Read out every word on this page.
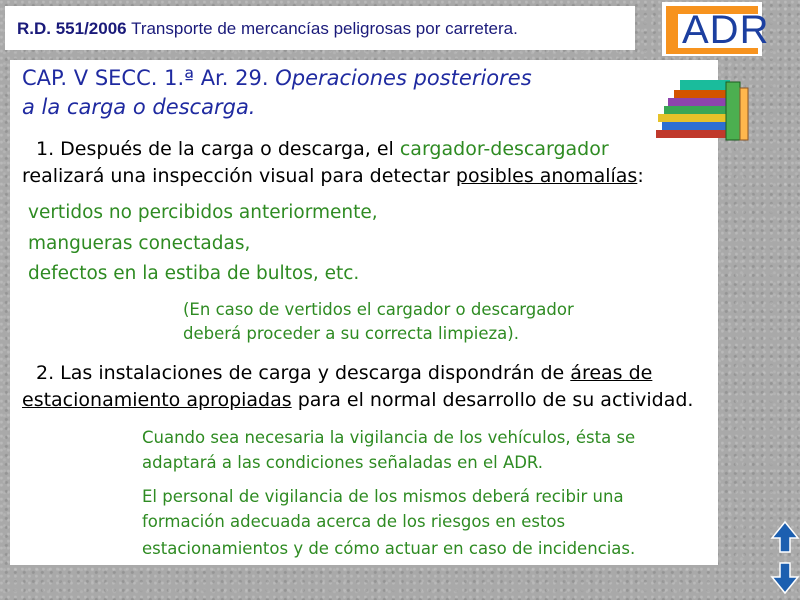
R.D. 551/2006 Transporte de mercancías peligrosas por carretera.	ADR
CAP. V SECC. 1.ª Ar. 29. Operaciones posteriores
a la carga o descarga.
1. Después de la carga o descarga, el cargador-descargador
realizará una inspección visual para detectar posibles anomalías:
vertidos no percibidos anteriormente,
mangueras conectadas,
defectos en la estiba de bultos, etc.
(En caso de vertidos el cargador o descargador
deberá proceder a su correcta limpieza).
2. Las instalaciones de carga y descarga dispondrán de áreas de
estacionamiento apropiadas para el normal desarrollo de su actividad.
Cuando sea necesaria la vigilancia de los vehículos, ésta se
adaptará a las condiciones señaladas en el ADR.
El personal de vigilancia de los mismos deberá recibir una
formación adecuada acerca de los riesgos en estos
estacionamientos y de cómo actuar en caso de incidencias.
